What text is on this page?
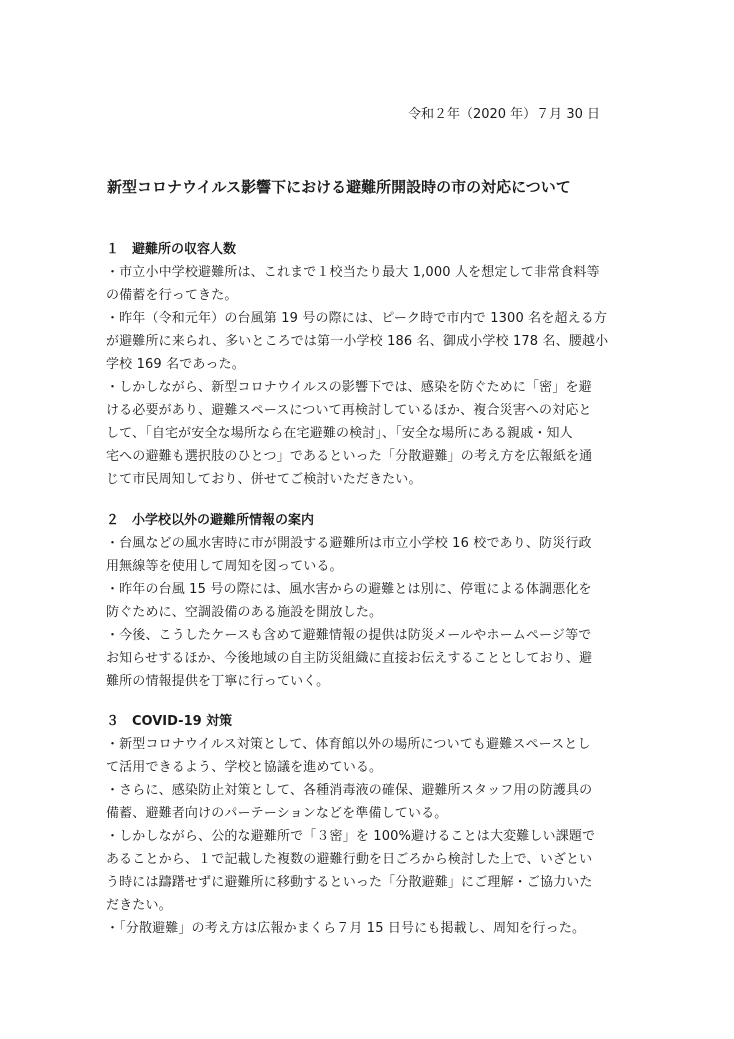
令和２年（2020 年）７月 30 日
新型コロナウイルス影響下における避難所開設時の市の対応について
１　避難所の収容人数
・市立小中学校避難所は、これまで１校当たり最大 1,000 人を想定して非常食料等
の備蓄を行ってきた。
・昨年（令和元年）の台風第 19 号の際には、ピーク時で市内で 1300 名を超える方
が避難所に来られ、多いところでは第一小学校 186 名、御成小学校 178 名、腰越小
学校 169 名であった。
・しかしながら、新型コロナウイルスの影響下では、感染を防ぐために「密」を避
ける必要があり、避難スペースについて再検討しているほか、複合災害への対応と
して、「自宅が安全な場所なら在宅避難の検討」、「安全な場所にある親戚・知人
宅への避難も選択肢のひとつ」であるといった「分散避難」の考え方を広報紙を通
じて市民周知しており、併せてご検討いただきたい。
２　小学校以外の避難所情報の案内
・台風などの風水害時に市が開設する避難所は市立小学校 16 校であり、防災行政
用無線等を使用して周知を図っている。
・昨年の台風 15 号の際には、風水害からの避難とは別に、停電による体調悪化を
防ぐために、空調設備のある施設を開放した。
・今後、こうしたケースも含めて避難情報の提供は防災メールやホームページ等で
お知らせするほか、今後地域の自主防災組織に直接お伝えすることとしており、避
難所の情報提供を丁寧に行っていく。
３　COVID-19 対策
・新型コロナウイルス対策として、体育館以外の場所についても避難スペースとし
て活用できるよう、学校と協議を進めている。
・さらに、感染防止対策として、各種消毒液の確保、避難所スタッフ用の防護具の
備蓄、避難者向けのパーテーションなどを準備している。
・しかしながら、公的な避難所で「３密」を 100%避けることは大変難しい課題で
あることから、１で記載した複数の避難行動を日ごろから検討した上で、いざとい
う時には躊躇せずに避難所に移動するといった「分散避難」にご理解・ご協力いた
だきたい。
・「分散避難」の考え方は広報かまくら７月 15 日号にも掲載し、周知を行った。
